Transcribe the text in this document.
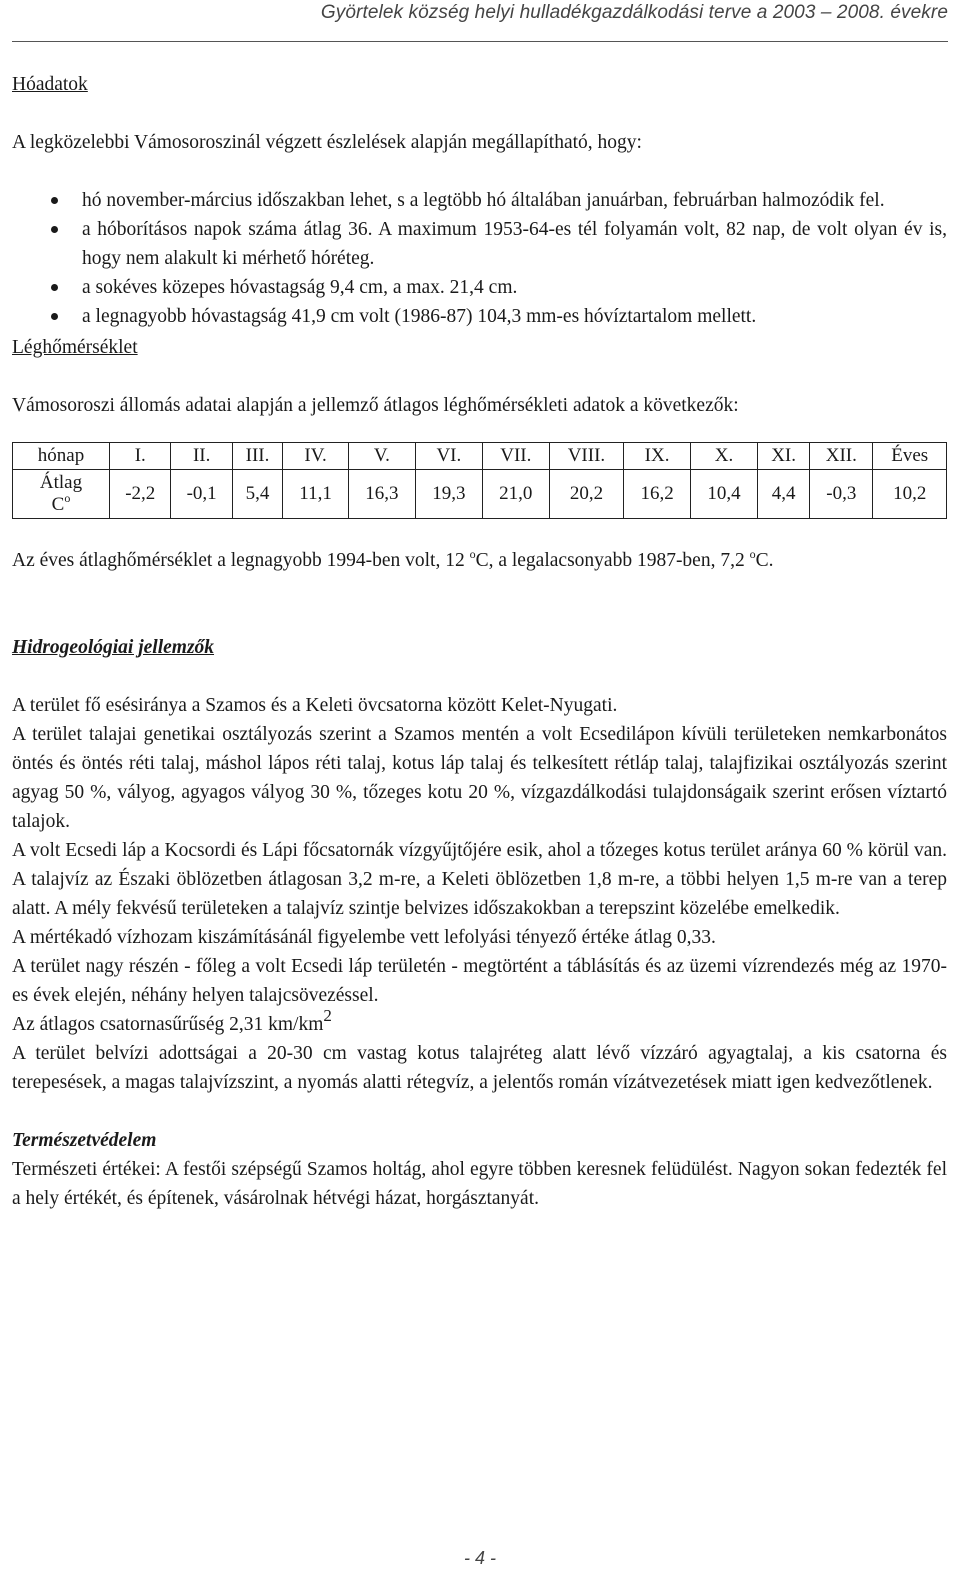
Györtelek község helyi hulladékgazdálkodási terve a 2003 – 2008. évekre
Hóadatok

A legközelebbi Vámosoroszinál végzett észlelések alapján megállapítható, hogy:

hó november-március időszakban lehet, s a legtöbb hó általában januárban, februárban halmozódik fel.
a hóborításos napok száma átlag 36. A maximum 1953-64-es tél folyamán volt, 82 nap, de volt olyan év is, hogy nem alakult ki mérhető hóréteg.
a sokéves közepes hóvastagság 9,4 cm, a max. 21,4 cm.
a legnagyobb hóvastagság 41,9 cm volt (1986-87) 104,3 mm-es hóvíztartalom mellett.
Léghőmérséklet

Vámosoroszi állomás adatai alapján a jellemző átlagos léghőmérsékleti adatok a következők:

hónap	I.	II.	III.	IV.	V.	VI.	VII.	VIII.	IX.	X.	XI.	XII.	Éves
Átlag
$C^o$	-2,2	-0,1	5,4	11,1	16,3	19,3	21,0	20,2	16,2	10,4	4,4	-0,3	10,2

Az éves átlaghőmérséklet a legnagyobb 1994-ben volt, 12 $^o$C, a legalacsonyabb 1987-ben, 7,2 $^o$C.

Hidrogeológiai jellemzők

A terület fő esésiránya a Szamos és a Keleti övcsatorna között Kelet-Nyugati.

A terület talajai genetikai osztályozás szerint a Szamos mentén a volt Ecsedilápon kívüli területeken nemkarbonátos öntés és öntés réti talaj, máshol lápos réti talaj, kotus láp talaj és telkesített rétláp talaj, talajfizikai osztályozás szerint agyag 50 %, vályog, agyagos vályog 30 %, tőzeges kotu 20 %, vízgazdálkodási tulajdonságaik szerint erősen víztartó talajok.

A volt Ecsedi láp a Kocsordi és Lápi főcsatornák vízgyűjtőjére esik, ahol a tőzeges kotus terület aránya 60 % körül van. A talajvíz az Északi öblözetben átlagosan 3,2 m-re, a Keleti öblözetben 1,8 m-re, a többi helyen 1,5 m-re van a terep alatt. A mély fekvésű területeken a talajvíz szintje belvizes időszakokban a terepszint közelébe emelkedik.

A mértékadó vízhozam kiszámításánál figyelembe vett lefolyási tényező értéke átlag 0,33.

A terület nagy részén - főleg a volt Ecsedi láp területén - megtörtént a táblásítás és az üzemi vízrendezés még az 1970-es évek elején, néhány helyen talajcsövezéssel.

Az átlagos csatornasűrűség 2,31 km/km2

A terület belvízi adottságai a 20-30 cm vastag kotus talajréteg alatt lévő vízzáró agyagtalaj, a kis csatorna és terepesések, a magas talajvízszint, a nyomás alatti rétegvíz, a jelentős román vízátvezetések miatt igen kedvezőtlenek.

Természetvédelem

Természeti értékei: A festői szépségű Szamos holtág, ahol egyre többen keresnek felüdülést. Nagyon sokan fedezték fel a hely értékét, és építenek, vásárolnak hétvégi házat, horgásztanyát.

- 4 -
